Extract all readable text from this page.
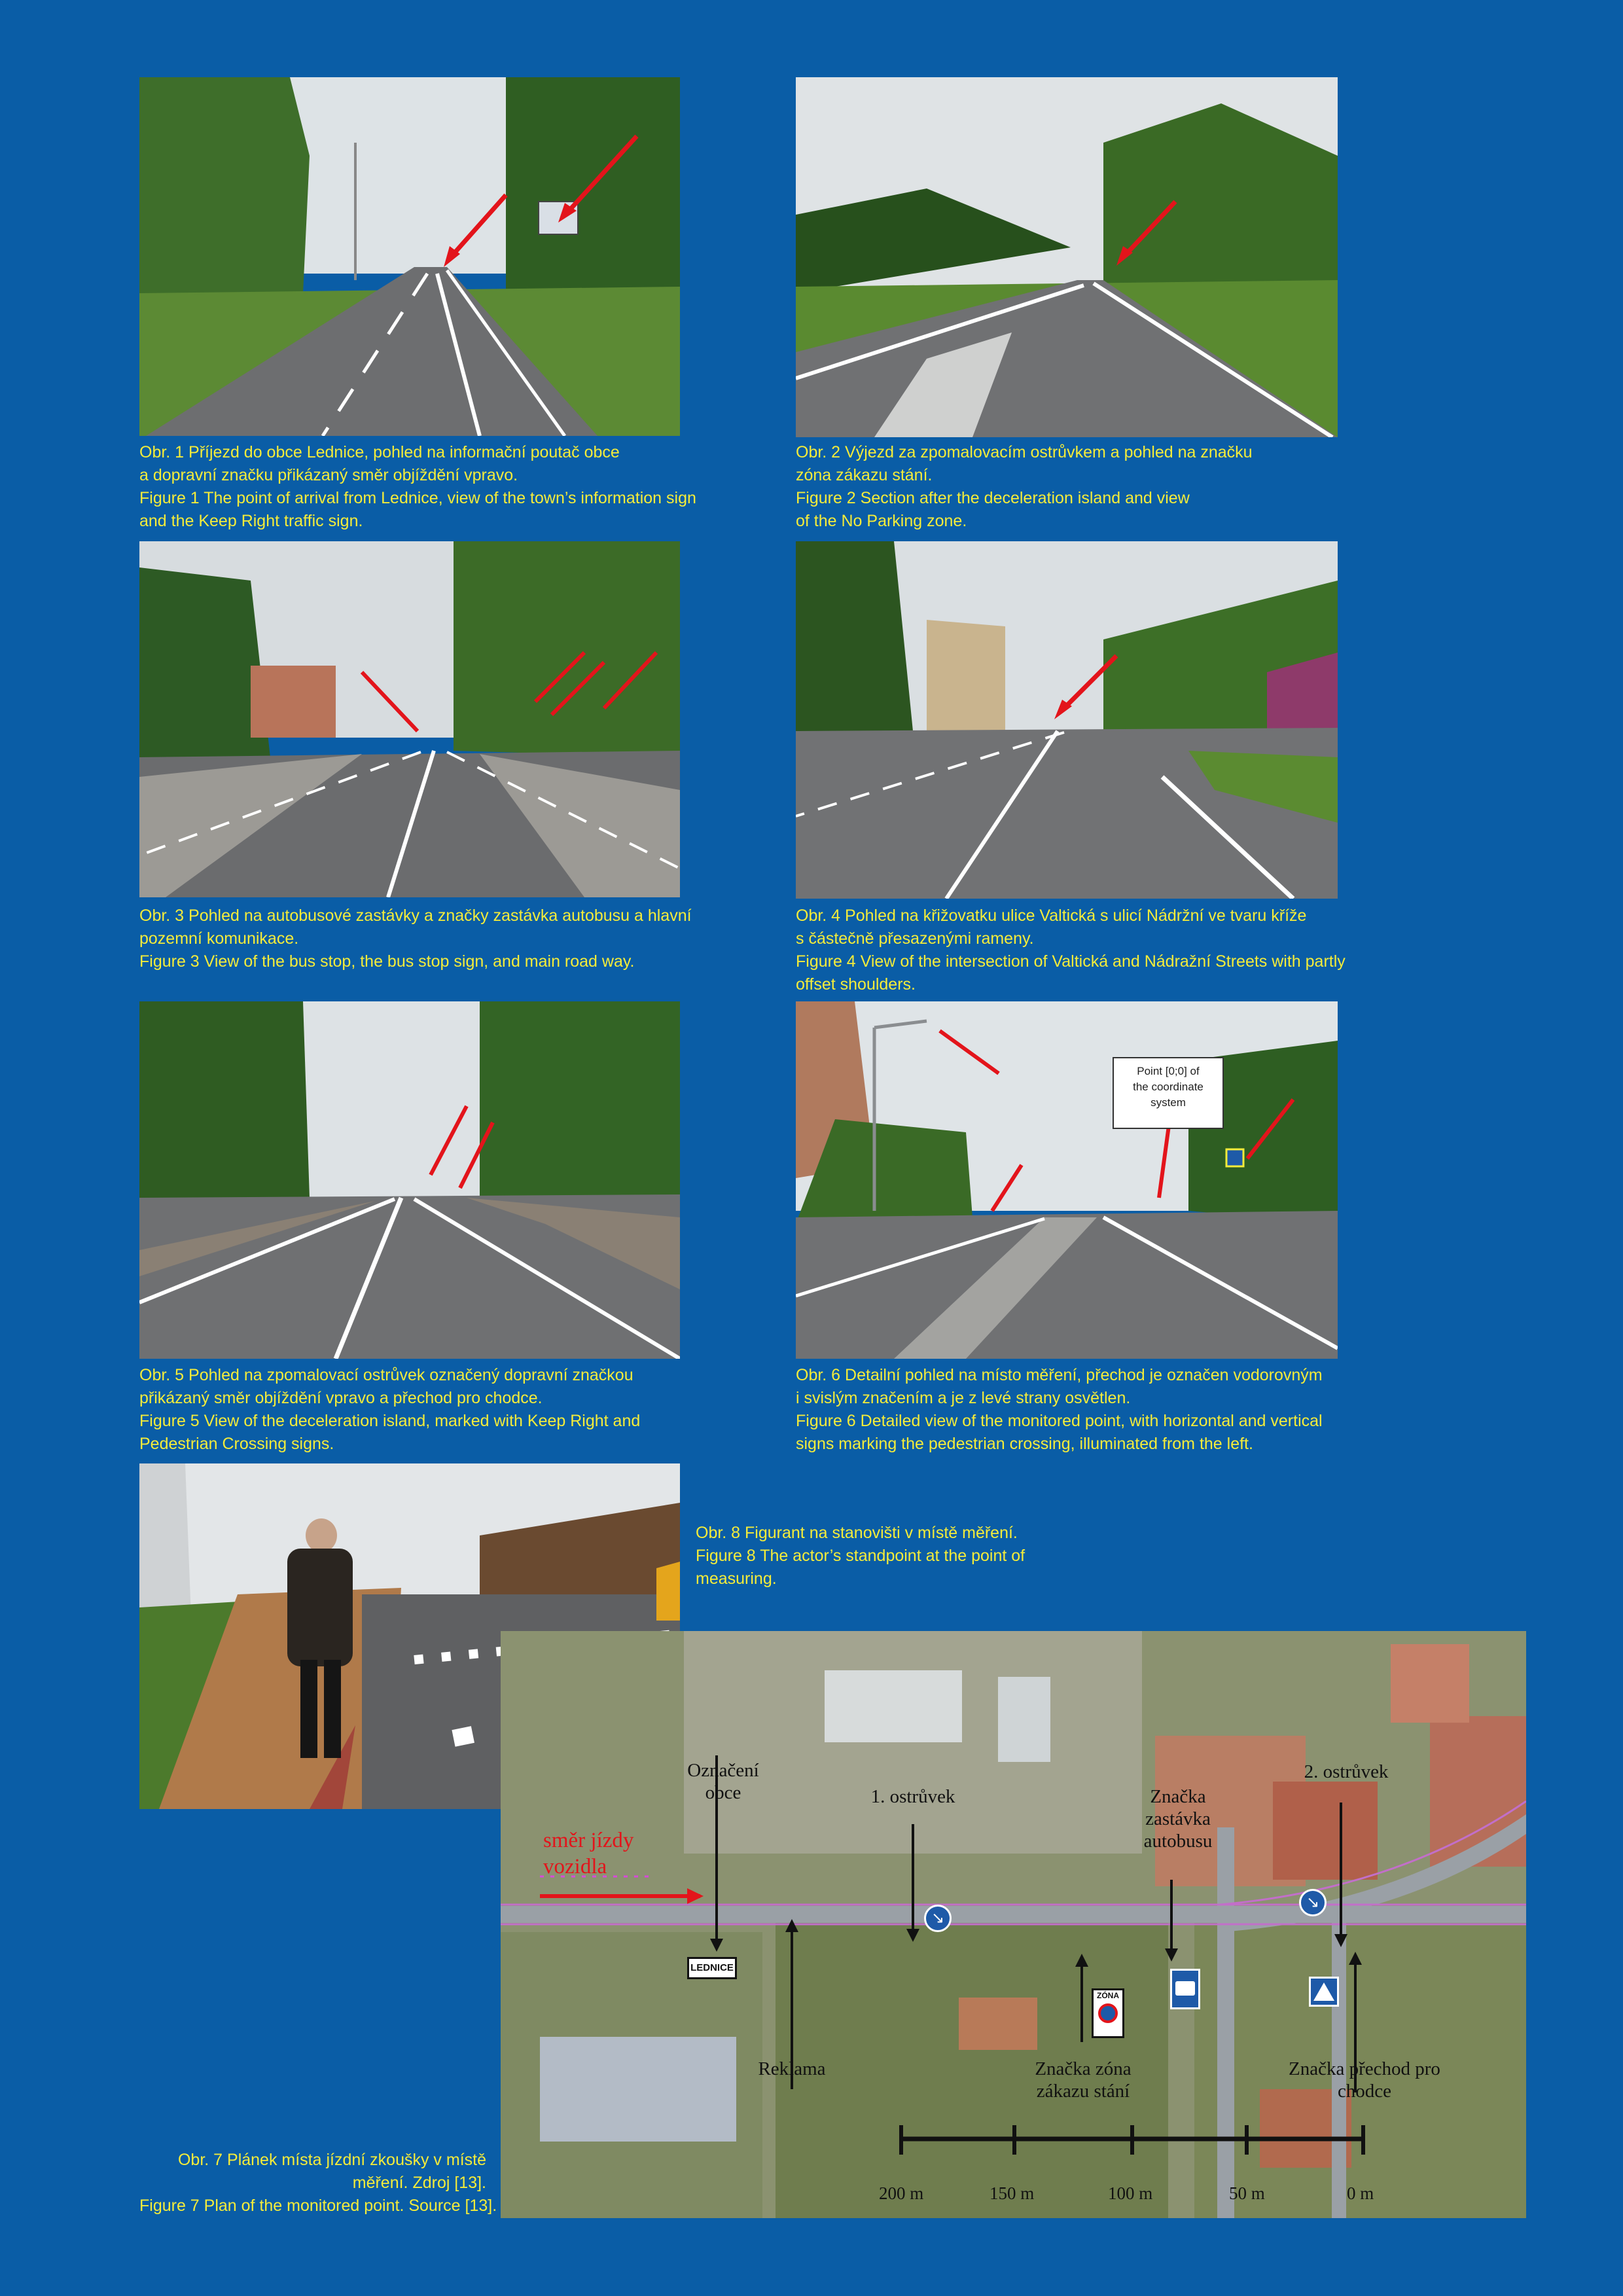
Obr. 1 Příjezd do obce Lednice, pohled na informační poutač obce
a dopravní značku přikázaný směr objíždění vpravo.
Figure 1 The point of arrival from Lednice, view of the town’s information sign
and the Keep Right traffic sign.
Obr. 2 Výjezd za zpomalovacím ostrůvkem a pohled na značku
zóna zákazu stání.
Figure 2 Section after the deceleration island and view
of the No Parking zone.
Obr. 3 Pohled na autobusové zastávky a značky zastávka autobusu a hlavní
pozemní komunikace.
Figure 3 View of the bus stop, the bus stop sign, and main road way.
Obr. 4 Pohled na křižovatku ulice Valtická s ulicí Nádržní ve tvaru kříže
s částečně přesazenými rameny.
Figure 4 View of the intersection of Valtická and Nádražní Streets with partly
offset shoulders.
Obr. 5 Pohled na zpomalovací ostrůvek označený dopravní značkou
přikázaný směr objíždění vpravo a přechod pro chodce.
Figure 5 View of the deceleration island, marked with Keep Right and
Pedestrian Crossing signs.
Point [0;0] of
the coordinate
system
Obr. 6 Detailní pohled na místo měření, přechod je označen vodorovným
i svislým značením a je z levé strany osvětlen.
Figure 6 Detailed view of the monitored point, with horizontal and vertical
signs marking the pedestrian crossing, illuminated from the left.
Obr. 8 Figurant na stanovišti v místě měření.
Figure 8 The actor’s standpoint at the point of
measuring.
směr jízdy
vozidla
Označení
obce	1. ostrůvek	Značka
zastávka
autobusu
2. ostrůvek
Reklama	Značka zóna
zákazu stání
Značka přechod pro
chodce
LEDNICE
↘
↘
ZÓNA
200 m	150 m	100 m	50 m	0 m
Obr. 7 Plánek místa jízdní zkoušky v místě
měření. Zdroj [13].
Figure 7 Plan of the monitored point. Source [13].
